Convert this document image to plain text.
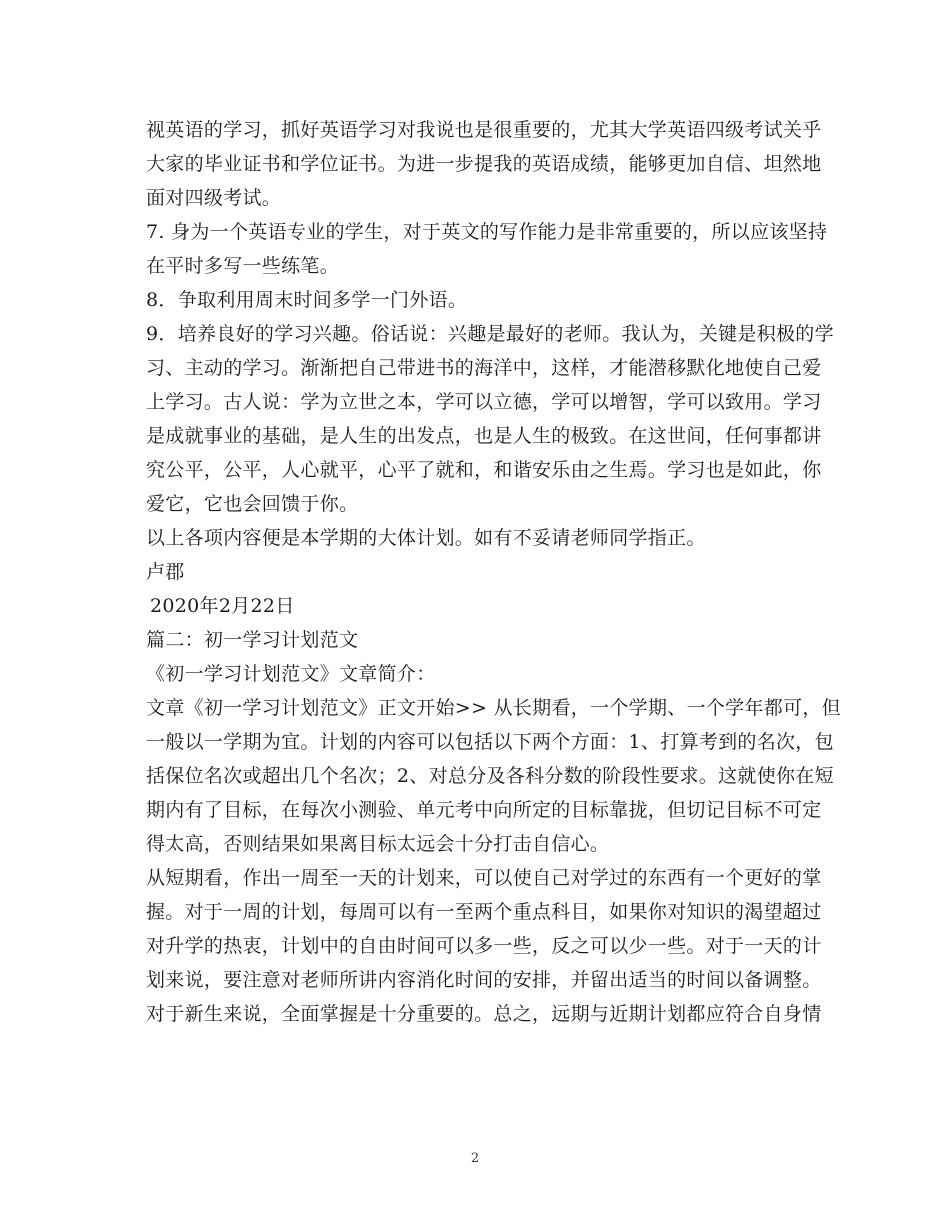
视英语的学习，抓好英语学习对我说也是很重要的，尤其大学英语四级考试关乎

大家的毕业证书和学位证书。为进一步提我的英语成绩，能够更加自信、坦然地

面对四级考试。

7. 身为一个英语专业的学生，对于英文的写作能力是非常重要的，所以应该坚持

在平时多写一些练笔。

8．争取利用周末时间多学一门外语。

9．培养良好的学习兴趣。俗话说：兴趣是最好的老师。我认为，关键是积极的学

习、主动的学习。渐渐把自己带进书的海洋中，这样，才能潜移默化地使自己爱

上学习。古人说：学为立世之本，学可以立德，学可以增智，学可以致用。学习

是成就事业的基础，是人生的出发点，也是人生的极致。在这世间，任何事都讲

究公平，公平，人心就平，心平了就和，和谐安乐由之生焉。学习也是如此，你

爱它，它也会回馈于你。

以上各项内容便是本学期的大体计划。如有不妥请老师同学指正。

卢郡

2020年2月22日

篇二：初一学习计划范文

《初一学习计划范文》文章简介：

文章《初一学习计划范文》正文开始>> 从长期看，一个学期、一个学年都可，但

一般以一学期为宜。计划的内容可以包括以下两个方面：1、打算考到的名次，包

括保位名次或超出几个名次；2、对总分及各科分数的阶段性要求。这就使你在短

期内有了目标，在每次小测验、单元考中向所定的目标靠拢，但切记目标不可定

得太高，否则结果如果离目标太远会十分打击自信心。

从短期看，作出一周至一天的计划来，可以使自己对学过的东西有一个更好的掌

握。对于一周的计划，每周可以有一至两个重点科目，如果你对知识的渴望超过

对升学的热衷，计划中的自由时间可以多一些，反之可以少一些。对于一天的计

划来说，要注意对老师所讲内容消化时间的安排，并留出适当的时间以备调整。

对于新生来说，全面掌握是十分重要的。总之，远期与近期计划都应符合自身情

2
